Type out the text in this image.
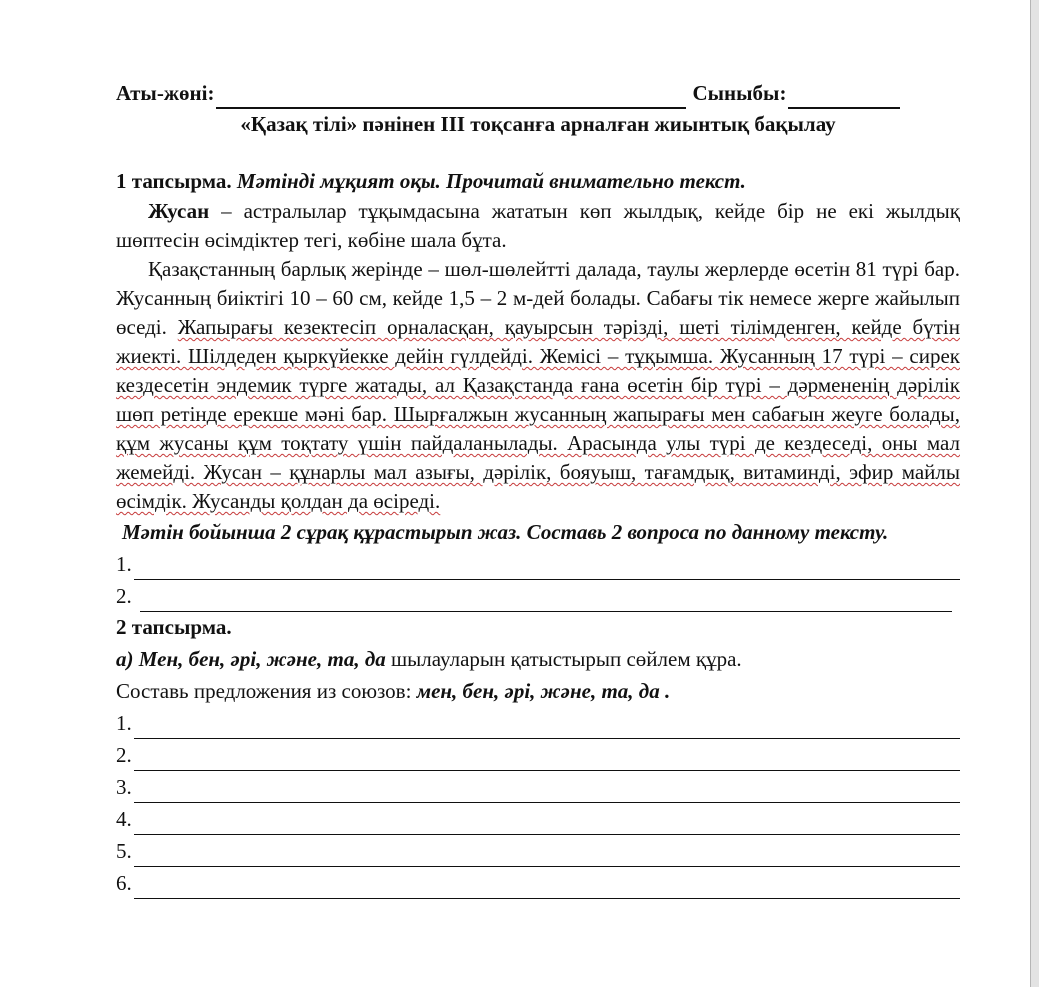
Аты-жөні:	Сыныбы:
«Қазақ тілі» пәнінен ІІІ тоқсанға арналған жиынтық бақылау
1 тапсырма. Мәтінді мұқият оқы. Прочитай внимательно текст.
Жусан – астралылар тұқымдасына жататын көп жылдық, кейде бір не екі жылдық шөптесін өсімдіктер тегі, көбіне шала бұта.
Қазақстанның барлық жерінде – шөл-шөлейтті далада, таулы жерлерде өсетін 81 түрі бар. Жусанның биіктігі 10 – 60 см, кейде 1,5 – 2 м-дей болады. Сабағы тік немесе жерге жайылып өседі. Жапырағы кезектесіп орналасқан, қауырсын тәрізді, шеті тілімденген, кейде бүтін жиекті. Шілдеден қыркүйекке дейін гүлдейді. Жемісі – тұқымша. Жусанның 17 түрі – сирек кездесетін эндемик түрге жатады, ал Қазақстанда ғана өсетін бір түрі – дәрмененің дәрілік шөп ретінде ерекше мәні бар. Шырғалжын жусанның жапырағы мен сабағын жеуге болады, құм жусаны құм тоқтату үшін пайдаланылады. Арасында улы түрі де кездеседі, оны мал жемейді. Жусан – құнарлы мал азығы, дәрілік, бояуыш, тағамдық, витаминді, эфир майлы өсімдік. Жусанды қолдан да өсіреді.
Мәтін бойынша 2 сұрақ құрастырып жаз. Составь 2 вопроса по данному тексту.
1.
2.
2 тапсырма.
а) Мен, бен, әрі, және, та, да шылауларын қатыстырып сөйлем құра.
Составь предложения из союзов: мен, бен, әрі, және, та, да .
1.
2.
3.
4.
5.
6.
